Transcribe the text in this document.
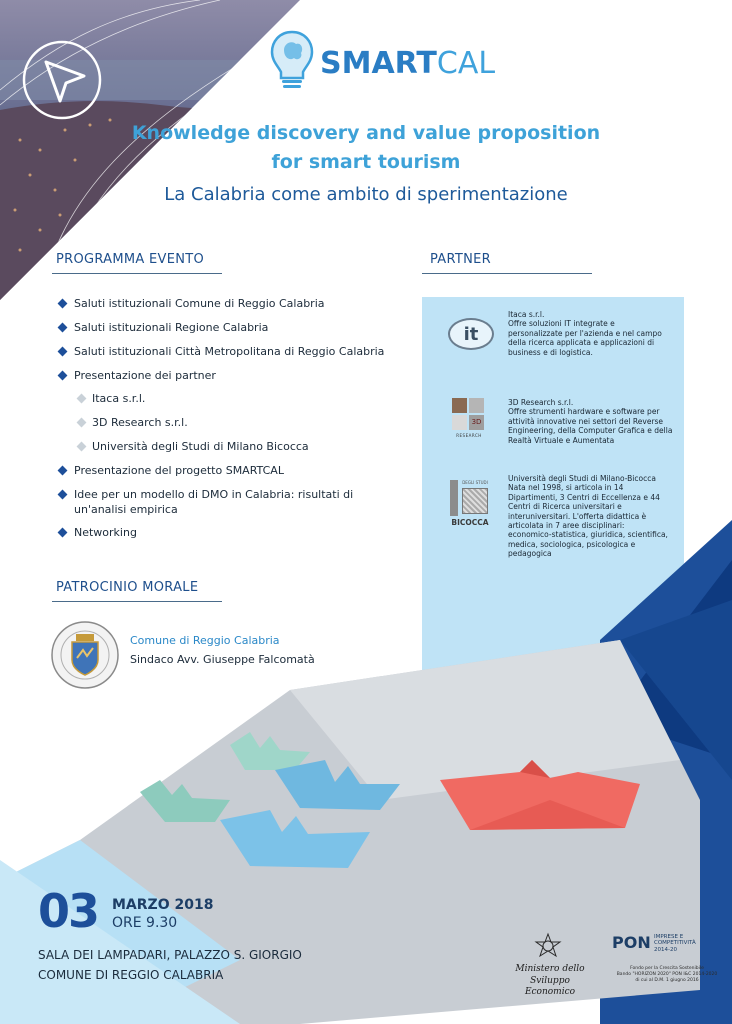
SMARTCAL
Knowledge discovery and value proposition
for smart tourism
La Calabria come ambito di sperimentazione
PROGRAMMA EVENTO
Saluti istituzionali Comune di Reggio Calabria
Saluti istituzionali Regione Calabria
Saluti istituzionali Città Metropolitana di Reggio Calabria
Presentazione dei partner
Itaca s.r.l.
3D Research s.r.l.
Università degli Studi di Milano Bicocca
Presentazione del progetto SMARTCAL
Idee per un modello di DMO in Calabria: risultati di un'analisi empirica
Networking
PARTNER
it
Itaca s.r.l.
Offre soluzioni IT integrate e personalizzate per l'azienda e nel campo della ricerca applicata e applicazioni di business e di logistica.
3D
RESEARCH
3D Research s.r.l.
Offre strumenti hardware e software per attività innovative nei settori del Reverse Engineering, della Computer Grafica e della Realtà Virtuale e Aumentata
DEGLI STUDI
BICOCCA
Università degli Studi di Milano-Bicocca
Nata nel 1998, si articola in 14 Dipartimenti, 3 Centri di Eccellenza e 44 Centri di Ricerca universitari e interuniversitari. L'offerta didattica è articolata in 7 aree disciplinari: economico-statistica, giuridica, scientifica, medica, sociologica, psicologica e pedagogica
PATROCINIO MORALE
Comune di Reggio Calabria
Sindaco Avv. Giuseppe Falcomatà
03 MARZO 2018
ORE 9.30
SALA DEI LAMPADARI, PALAZZO S. GIORGIO
COMUNE DI REGGIO CALABRIA	Ministero dello
Sviluppo Economico
PON IMPRESE E
COMPETITIVITÀ
2014-20
Fondo per la Crescita Sostenibile
Bando "HORIZON 2020" PON I&C 2014-2020
di cui al D.M. 1 giugno 2016
